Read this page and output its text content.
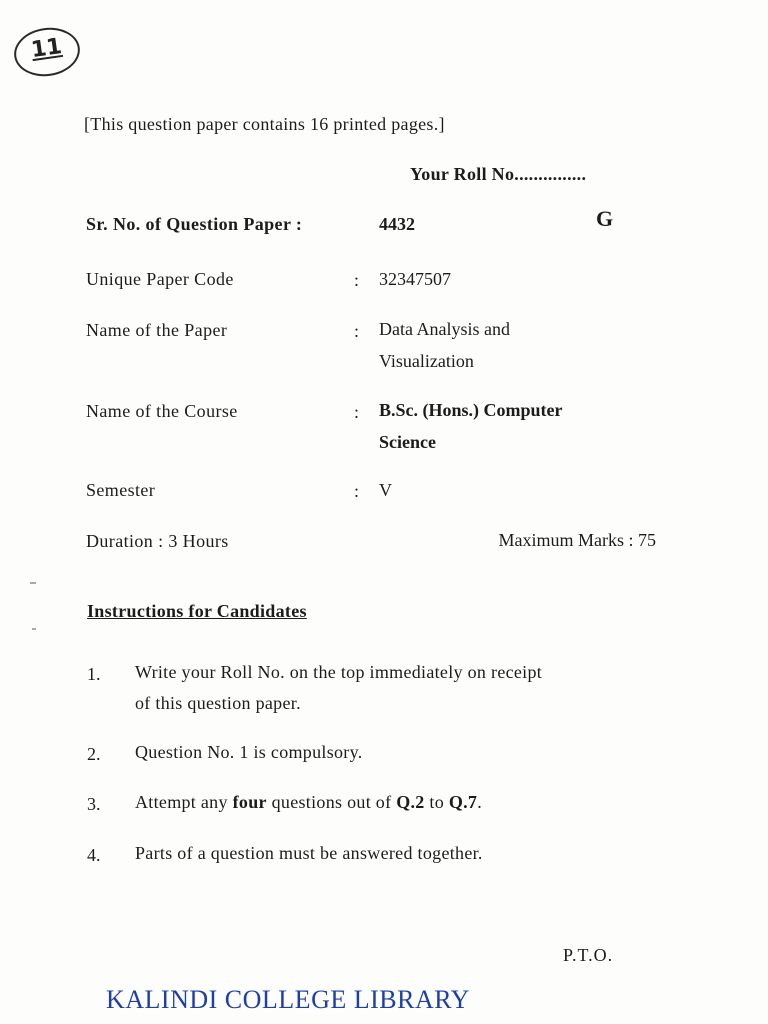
11
[This question paper contains 16 printed pages.]
Your Roll No...............
Sr. No. of Question Paper :	4432	G
Unique Paper Code	: 32347507
Name of the Paper	: Data Analysis and
Visualization
Name of the Course	: B.Sc. (Hons.) Computer
Science
Semester	: V
Duration : 3 Hours	Maximum Marks : 75
Instructions for Candidates
1. Write your Roll No. on the top immediately on receipt
of this question paper.
2. Question No. 1 is compulsory.
3. Attempt any four questions out of Q.2 to Q.7.
4. Parts of a question must be answered together.
P.T.O.
KALINDI COLLEGE LIBRARY
